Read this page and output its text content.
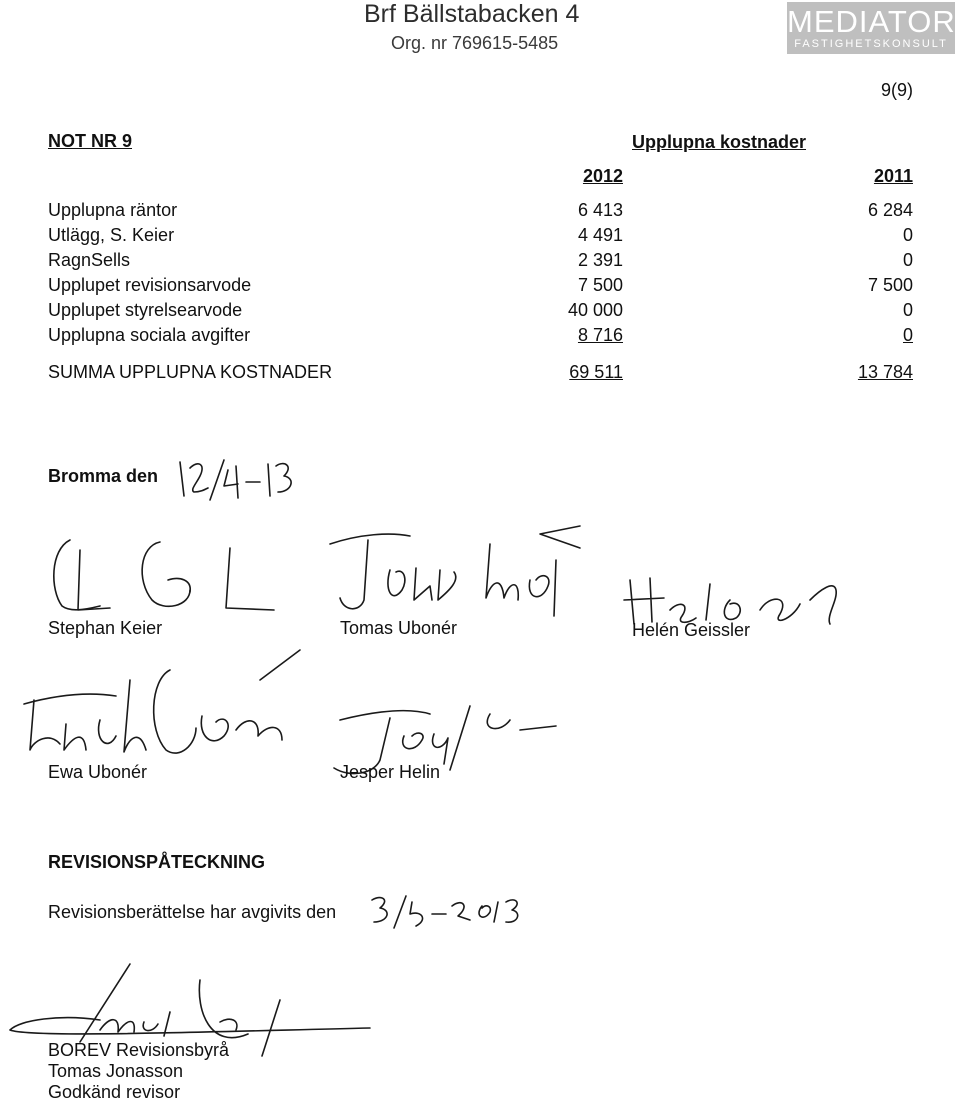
Brf Bällstabacken 4
Org. nr 769615-5485
MEDIATOR
FASTIGHETSKONSULT
9(9)
NOT NR 9	Upplupna kostnader
2012	2011
Upplupna räntor	6 413	6 284
Utlägg, S. Keier	4 491	0
RagnSells	2 391	0
Upplupet revisionsarvode	7 500	7 500
Upplupet styrelsearvode	40 000	0
Upplupna sociala avgifter	8 716	0
SUMMA UPPLUPNA KOSTNADER	69 511	13 784
Bromma den
Stephan Keier	Tomas Ubonér	Helén Geissler
Ewa Ubonér	Jesper Helin
REVISIONSPÅTECKNING
Revisionsberättelse har avgivits den
BOREV Revisionsbyrå
Tomas Jonasson
Godkänd revisor
